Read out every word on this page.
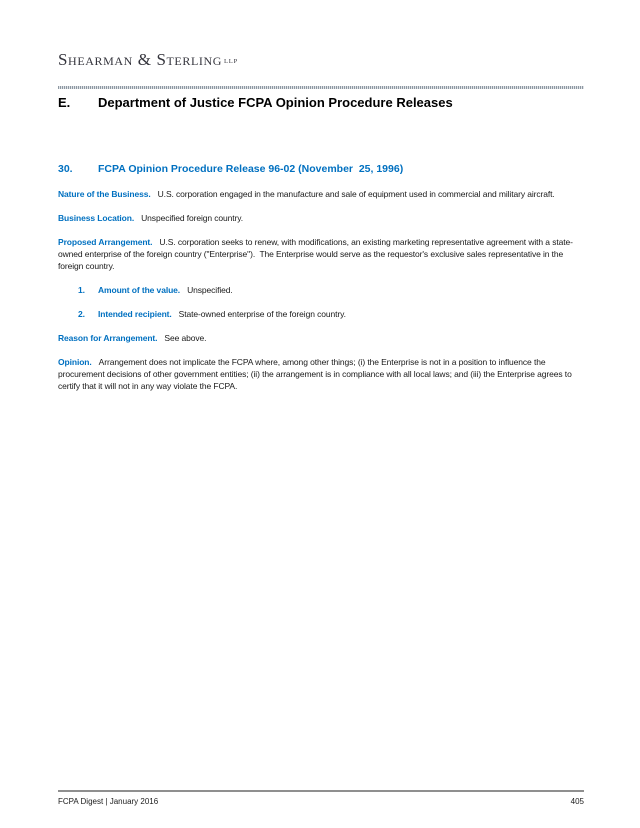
Shearman & Sterling LLP
E.	Department of Justice FCPA Opinion Procedure Releases
30.	FCPA Opinion Procedure Release 96-02 (November  25, 1996)

Nature of the Business. U.S. corporation engaged in the manufacture and sale of equipment used in commercial and military aircraft.

Business Location. Unspecified foreign country.

Proposed Arrangement. U.S. corporation seeks to renew, with modifications, an existing marketing representative agreement with a state-owned enterprise of the foreign country ("Enterprise").  The Enterprise would serve as the requestor's exclusive sales representative in the foreign country.

1.	Amount of the value. Unspecified.
2.	Intended recipient. State-owned enterprise of the foreign country.

Reason for Arrangement. See above.

Opinion. Arrangement does not implicate the FCPA where, among other things; (i) the Enterprise is not in a position to influence the procurement decisions of other government entities; (ii) the arrangement is in compliance with all local laws; and (iii) the Enterprise agrees to certify that it will not in any way violate the FCPA.

FCPA Digest | January 2016	405
